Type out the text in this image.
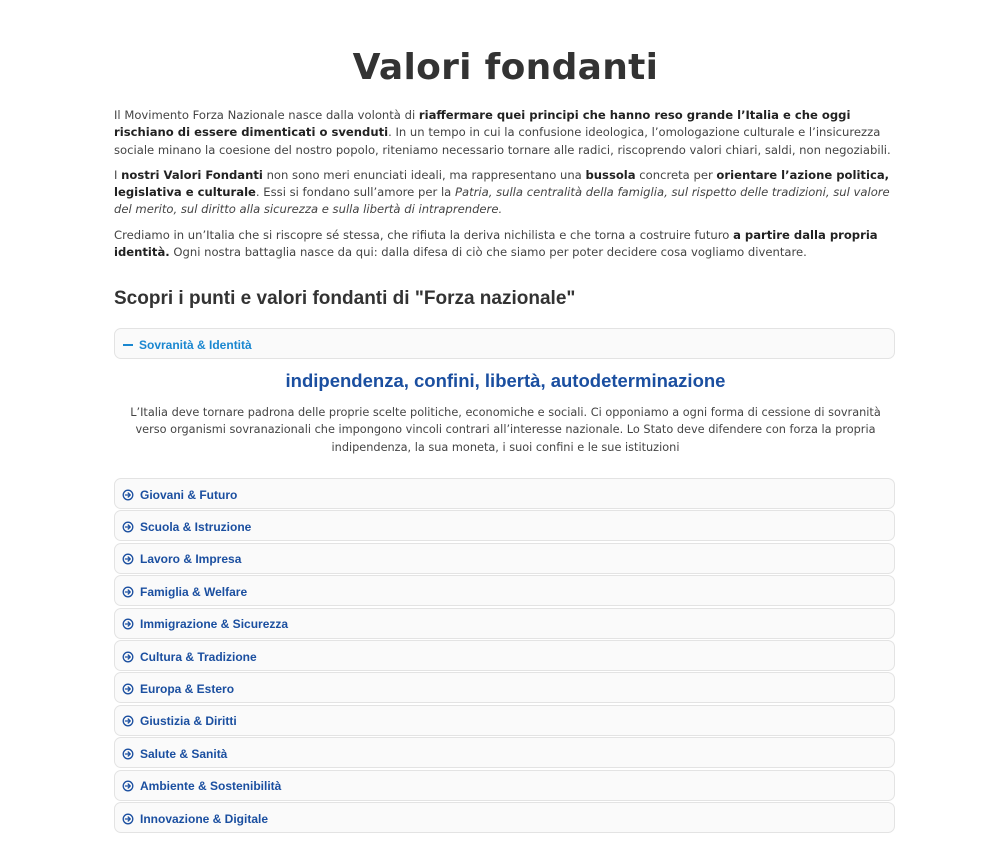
Valori fondanti

Il Movimento Forza Nazionale nasce dalla volontà di riaffermare quei principi che hanno reso grande l’Italia e che oggi rischiano di essere dimenticati o svenduti. In un tempo in cui la confusione ideologica, l’omologazione culturale e l’insicurezza sociale minano la coesione del nostro popolo, riteniamo necessario tornare alle radici, riscoprendo valori chiari, saldi, non negoziabili.

I nostri Valori Fondanti non sono meri enunciati ideali, ma rappresentano una bussola concreta per orientare l’azione politica, legislativa e culturale. Essi si fondano sull’amore per la Patria, sulla centralità della famiglia, sul rispetto delle tradizioni, sul valore del merito, sul diritto alla sicurezza e sulla libertà di intraprendere.

Crediamo in un’Italia che si riscopre sé stessa, che rifiuta la deriva nichilista e che torna a costruire futuro a partire dalla propria identità. Ogni nostra battaglia nasce da qui: dalla difesa di ciò che siamo per poter decidere cosa vogliamo diventare.

Scopri i punti e valori fondanti di "Forza nazionale"
Sovranità & Identità
indipendenza, confini, libertà, autodeterminazione
L’Italia deve tornare padrona delle proprie scelte politiche, economiche e sociali. Ci opponiamo a ogni forma di cessione di sovranità verso organismi sovranazionali che impongono vincoli contrari all’interesse nazionale. Lo Stato deve difendere con forza la propria indipendenza, la sua moneta, i suoi confini e le sue istituzioni
Giovani & Futuro
Scuola & Istruzione
Lavoro & Impresa
Famiglia & Welfare
Immigrazione & Sicurezza
Cultura & Tradizione
Europa & Estero
Giustizia & Diritti
Salute & Sanità
Ambiente & Sostenibilità
Innovazione & Digitale
